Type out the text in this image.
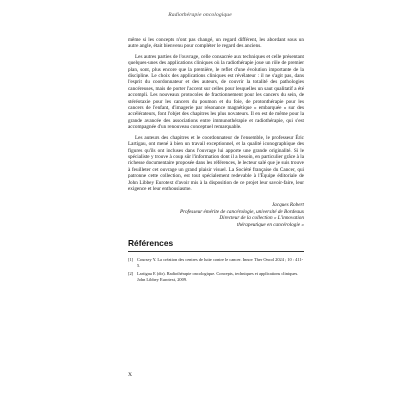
Radiothérapie oncologique

même si les concepts n'ont pas changé, un regard différent, les abordant sous un autre angle, était bienvenu pour compléter le regard des anciens.

Les autres parties de l'ouvrage, celle consacrée aux techniques et celle présentant quelques-unes des applications cliniques où la radiothérapie joue un rôle de premier plan, sont, plus encore que la première, le reflet d'une évolution importante de la discipline. Le choix des applications cliniques est révélateur : il ne s'agit pas, dans l'esprit du coordonnateur et des auteurs, de couvrir la totalité des pathologies cancéreuses, mais de porter l'accent sur celles pour lesquelles un saut qualitatif a été accompli. Les nouveaux protocoles de fractionnement pour les cancers du sein, de stéréotaxie pour les cancers du poumon et du foie, de protonthérapie pour les cancers de l'enfant, d'imagerie par résonance magnétique « embarquée » sur des accélérateurs, font l'objet des chapitres les plus novateurs. Il en est de même pour la grande avancée des associations entre immunothérapie et radiothérapie, qui s'est accompagnée d'un renouveau conceptuel remarquable.

Les auteurs des chapitres et le coordonnateur de l'ensemble, le professeur Éric Lartigau, ont mené à bien un travail exceptionnel, et la qualité iconographique des figures qu'ils ont incluses dans l'ouvrage lui apporte une grande originalité. Si le spécialiste y trouve à coup sûr l'information dont il a besoin, en particulier grâce à la richesse documentaire proposée dans les références, le lecteur salé que je suis trouve à feuilleter cet ouvrage un grand plaisir visuel. La Société française du Cancer, qui patronne cette collection, est tout spécialement redevable à l'Équipe éditoriale de John Libbey Eurotext d'avoir mis à la disposition de ce projet leur savoir-faire, leur exigence et leur enthousiasme.

Jacques Robert
Professeur émérite de cancérologie, université de Bordeaux
Directeur de la collection « L'innovation
thérapeutique en cancérologie »
Références
[1] Coursey Y. La création des centres de lutte contre le cancer. Innov Ther Oncol 2024 ; 10 : 411-5.
[2] Lartigau E (dir). Radiothérapie oncologique. Concepts, techniques et applications cliniques. John Libbey Eurotext, 2009.
X
